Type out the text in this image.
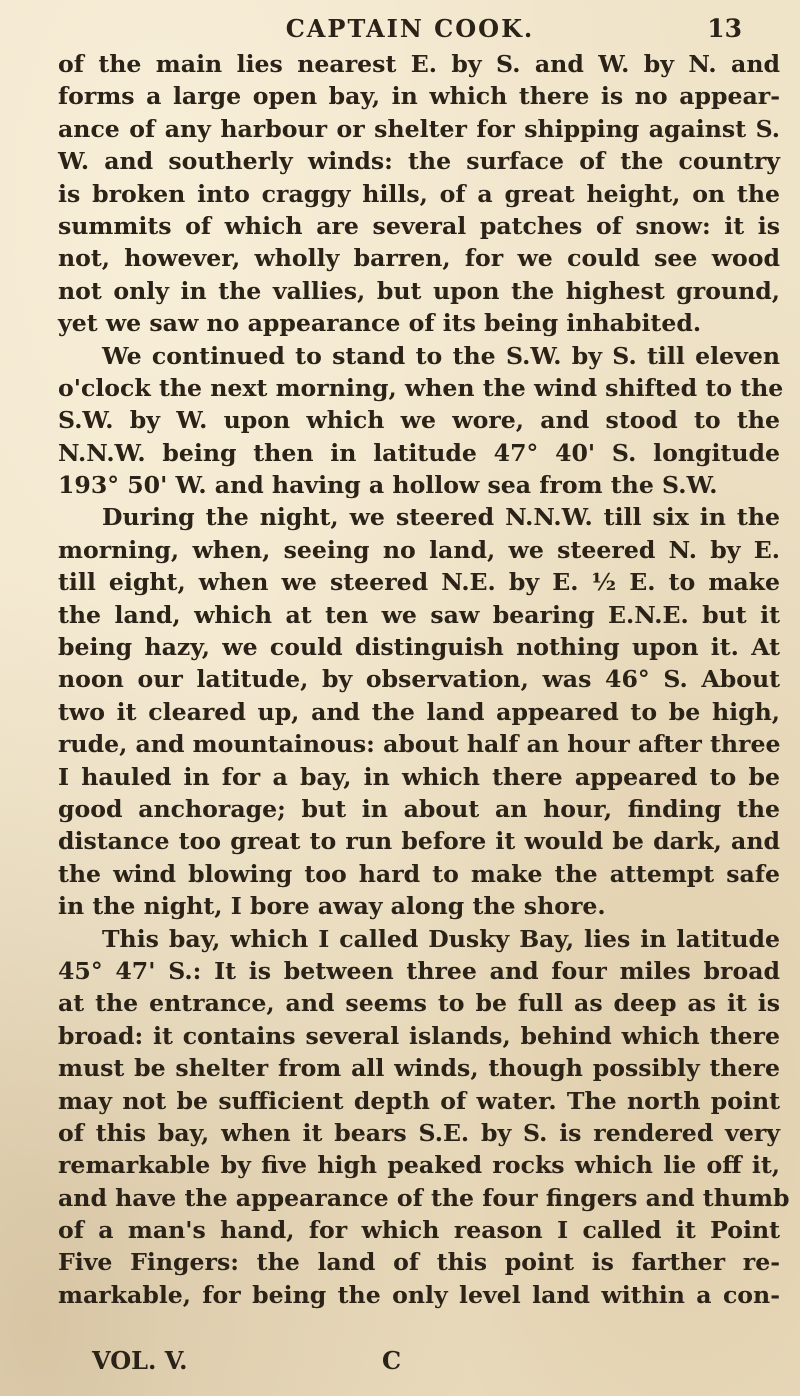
CAPTAIN COOK.	13
of the main lies nearest E. by S. and W. by N. and
forms a large open bay, in which there is no appear-
ance of any harbour or shelter for shipping against S.
W. and southerly winds: the surface of the country
is broken into craggy hills, of a great height, on the
summits of which are several patches of snow: it is
not, however, wholly barren, for we could see wood
not only in the vallies, but upon the highest ground,
yet we saw no appearance of its being inhabited.
We continued to stand to the S.W. by S. till eleven
o'clock the next morning, when the wind shifted to the
S.W. by W. upon which we wore, and stood to the
N.N.W. being then in latitude 47° 40' S. longitude
193° 50' W. and having a hollow sea from the S.W.
During the night, we steered N.N.W. till six in the
morning, when, seeing no land, we steered N. by E.
till eight, when we steered N.E. by E. ½ E. to make
the land, which at ten we saw bearing E.N.E. but it
being hazy, we could distinguish nothing upon it. At
noon our latitude, by observation, was 46° S. About
two it cleared up, and the land appeared to be high,
rude, and mountainous: about half an hour after three
I hauled in for a bay, in which there appeared to be
good anchorage; but in about an hour, finding the
distance too great to run before it would be dark, and
the wind blowing too hard to make the attempt safe
in the night, I bore away along the shore.
This bay, which I called Dusky Bay, lies in latitude
45° 47' S.: It is between three and four miles broad
at the entrance, and seems to be full as deep as it is
broad: it contains several islands, behind which there
must be shelter from all winds, though possibly there
may not be sufficient depth of water. The north point
of this bay, when it bears S.E. by S. is rendered very
remarkable by five high peaked rocks which lie off it,
and have the appearance of the four fingers and thumb
of a man's hand, for which reason I called it Point
Five Fingers: the land of this point is farther re-
markable, for being the only level land within a con-
VOL. V.	C
